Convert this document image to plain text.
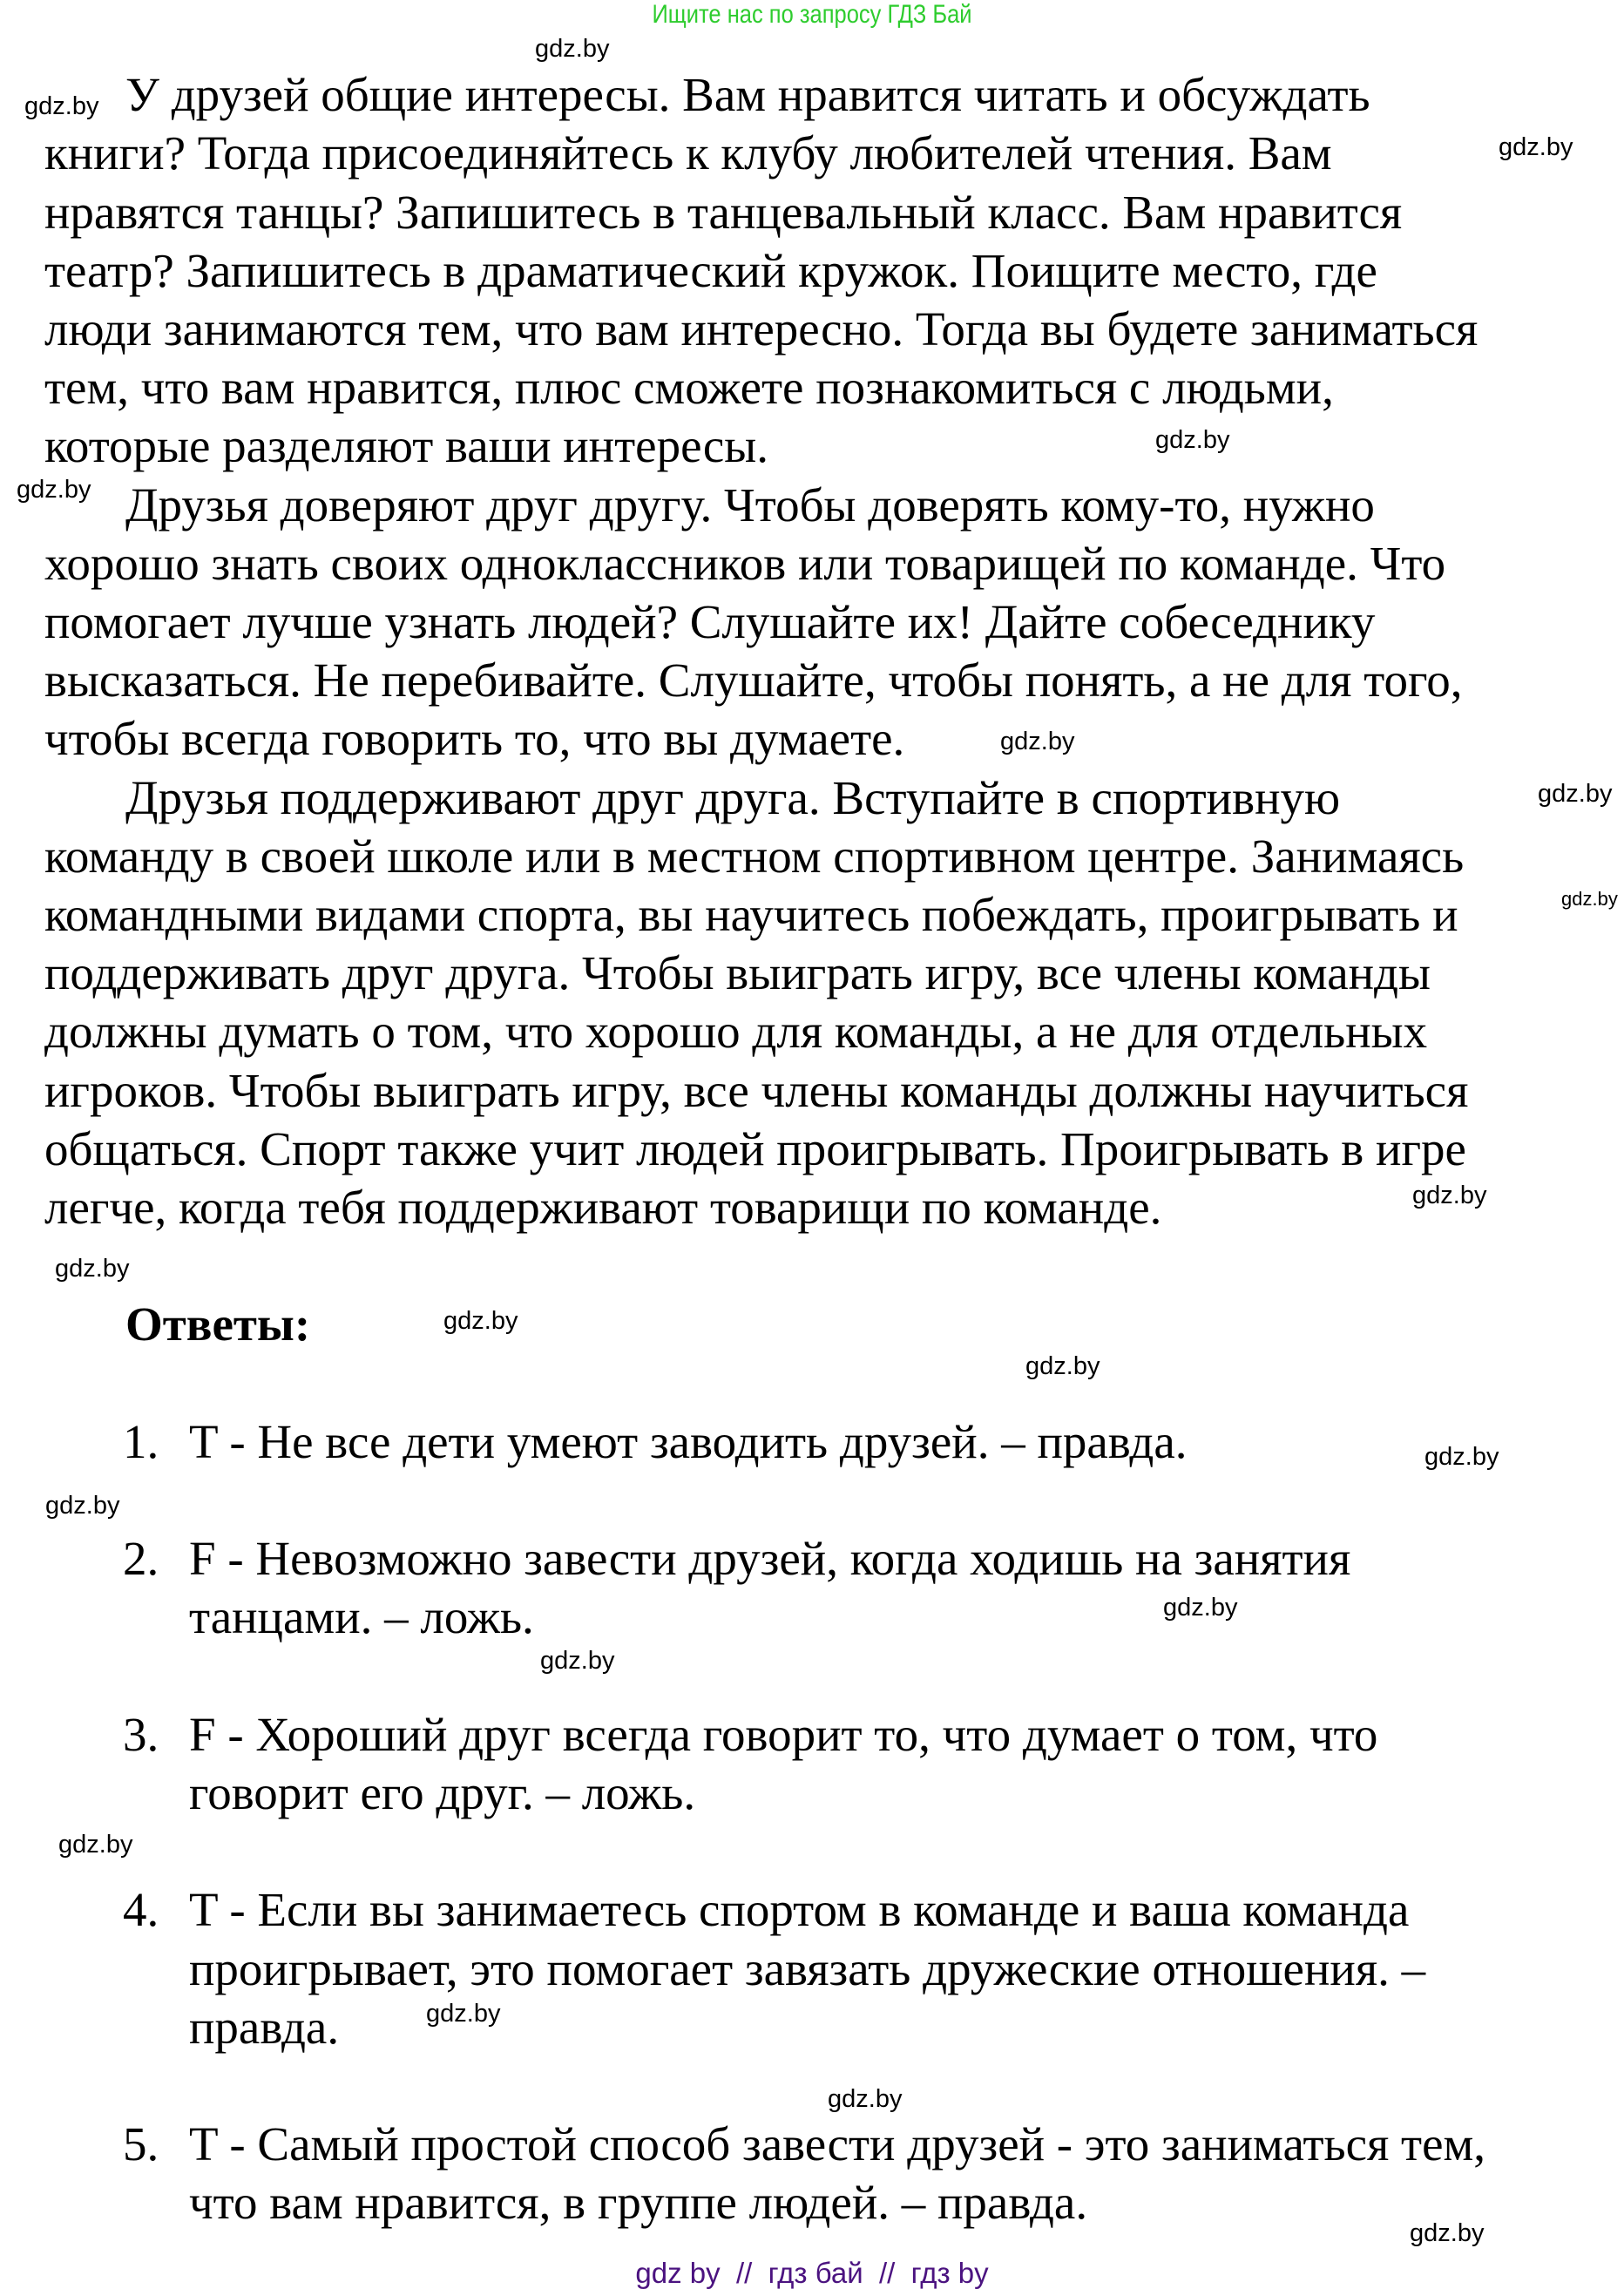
Ищите нас по запросу ГДЗ Бай
У друзей общие интересы. Вам нравится читать и обсуждать
книги? Тогда присоединяйтесь к клубу любителей чтения. Вам
нравятся танцы? Запишитесь в танцевальный класс. Вам нравится
театр? Запишитесь в драматический кружок. Поищите место, где
люди занимаются тем, что вам интересно. Тогда вы будете заниматься
тем, что вам нравится, плюс сможете познакомиться с людьми,
которые разделяют ваши интересы.
Друзья доверяют друг другу. Чтобы доверять кому-то, нужно
хорошо знать своих одноклассников или товарищей по команде. Что
помогает лучше узнать людей? Слушайте их! Дайте собеседнику
высказаться. Не перебивайте. Слушайте, чтобы понять, а не для того,
чтобы всегда говорить то, что вы думаете.
Друзья поддерживают друг друга. Вступайте в спортивную
команду в своей школе или в местном спортивном центре. Занимаясь
командными видами спорта, вы научитесь побеждать, проигрывать и
поддерживать друг друга. Чтобы выиграть игру, все члены команды
должны думать о том, что хорошо для команды, а не для отдельных
игроков. Чтобы выиграть игру, все члены команды должны научиться
общаться. Спорт также учит людей проигрывать. Проигрывать в игре
легче, когда тебя поддерживают товарищи по команде.
Ответы:
1. T - Не все дети умеют заводить друзей. – правда.
2. F - Невозможно завести друзей, когда ходишь на занятия
танцами. – ложь.
3. F - Хороший друг всегда говорит то, что думает о том, что
говорит его друг. – ложь.
4. T - Если вы занимаетесь спортом в команде и ваша команда
проигрывает, это помогает завязать дружеские отношения. –
правда.
5. T - Самый простой способ завести друзей - это заниматься тем,
что вам нравится, в группе людей. – правда.
gdz.by
gdz.by
gdz.by
gdz.by
gdz.by
gdz.by
gdz.by
gdz.by
gdz.by
gdz.by
gdz.by
gdz.by
gdz.by
gdz.by
gdz.by
gdz.by
gdz.by
gdz.by
gdz.by
gdz.by
gdz by  //  гдз бай  //  гдз by
